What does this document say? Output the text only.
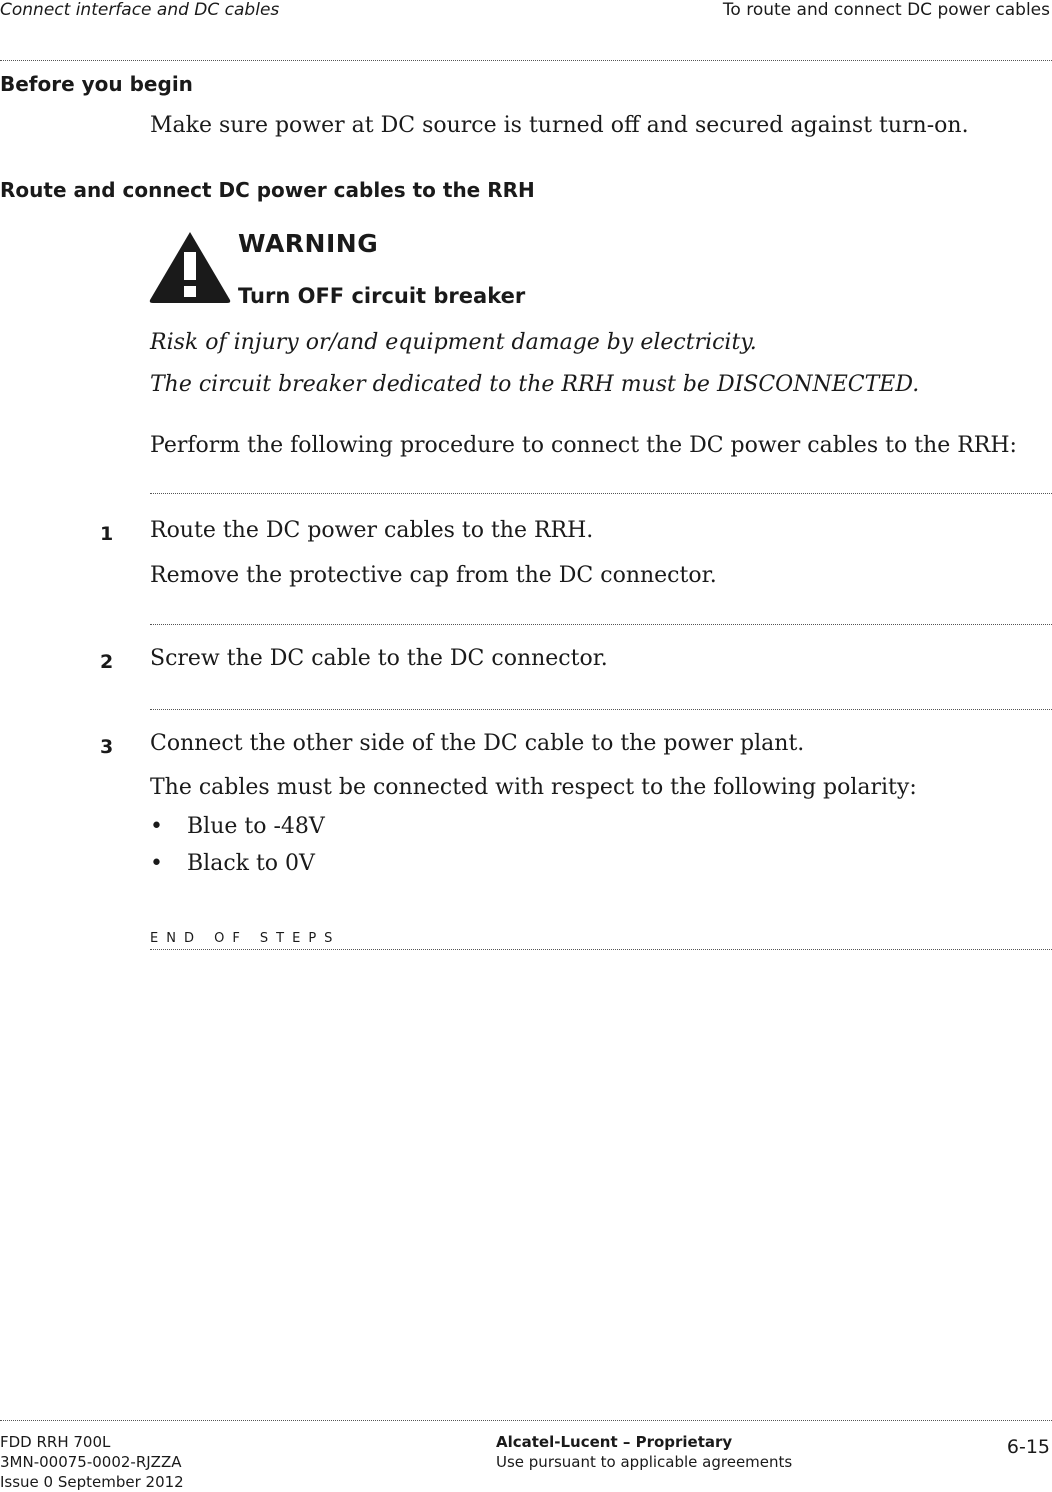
Connect interface and DC cables	To route and connect DC power cables
Before you begin
Make sure power at DC source is turned off and secured against turn-on.
Route and connect DC power cables to the RRH
WARNING
Turn OFF circuit breaker
Risk of injury or/and equipment damage by electricity.
The circuit breaker dedicated to the RRH must be DISCONNECTED.
Perform the following procedure to connect the DC power cables to the RRH:
1 Route the DC power cables to the RRH.
Remove the protective cap from the DC connector.
2 Screw the DC cable to the DC connector.
3 Connect the other side of the DC cable to the power plant.
The cables must be connected with respect to the following polarity:
• Blue to -48V
• Black to 0V
END OF STEPS
FDD RRH 700L
3MN-00075-0002-RJZZA
Issue 0 September 2012
Alcatel-Lucent – Proprietary
Use pursuant to applicable agreements
6-15
